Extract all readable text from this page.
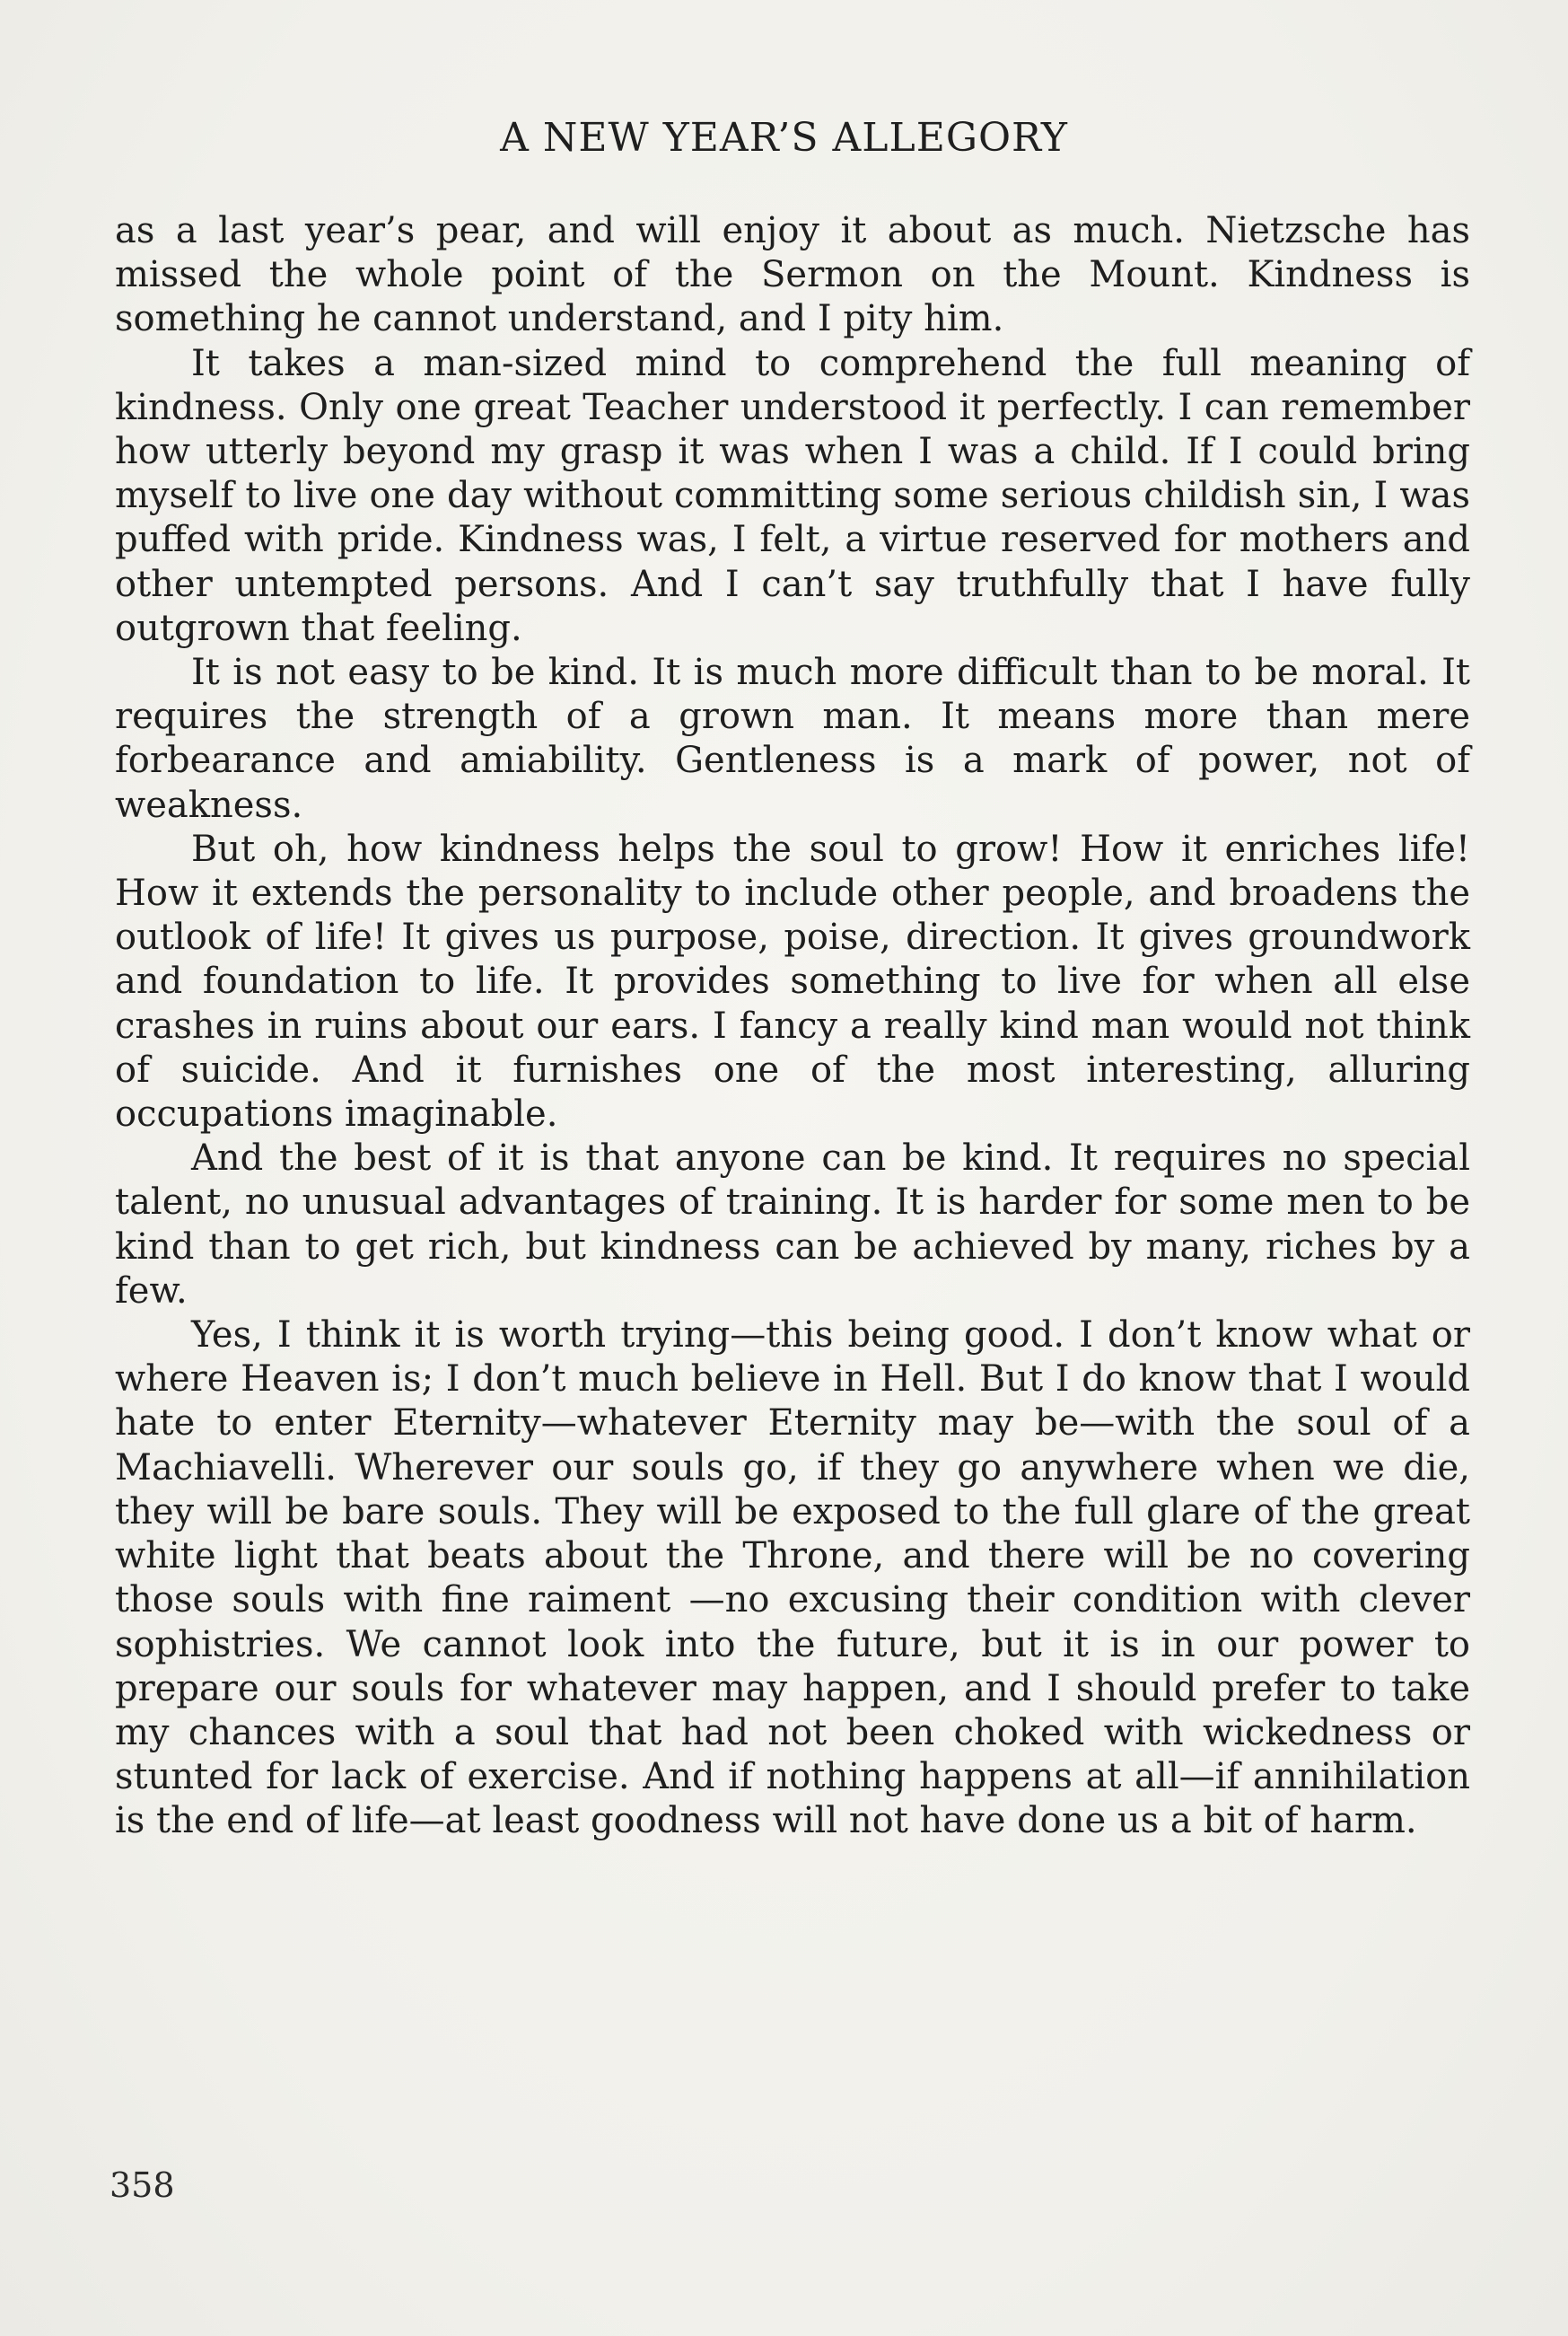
A NEW YEAR’S ALLEGORY

as a last year’s pear, and will enjoy it about as much. Nietzsche has missed the whole point of the Sermon on the Mount. Kindness is something he cannot understand, and I pity him.

It takes a man-sized mind to comprehend the full meaning of kindness. Only one great Teacher understood it perfectly. I can remember how utterly beyond my grasp it was when I was a child. If I could bring myself to live one day without committing some serious childish sin, I was puffed with pride. Kindness was, I felt, a virtue reserved for mothers and other untempted persons. And I can’t say truthfully that I have fully outgrown that feeling.

It is not easy to be kind. It is much more difficult than to be moral. It requires the strength of a grown man. It means more than mere forbearance and amiability. Gentleness is a mark of power, not of weakness.

But oh, how kindness helps the soul to grow! How it enriches life! How it extends the personality to include other people, and broadens the outlook of life! It gives us purpose, poise, direction. It gives groundwork and foundation to life. It provides something to live for when all else crashes in ruins about our ears. I fancy a really kind man would not think of suicide. And it furnishes one of the most interesting, alluring occupations imaginable.

And the best of it is that anyone can be kind. It requires no special talent, no unusual advantages of training. It is harder for some men to be kind than to get rich, but kindness can be achieved by many, riches by a few.

Yes, I think it is worth trying—this being good. I don’t know what or where Heaven is; I don’t much believe in Hell. But I do know that I would hate to enter Eternity—whatever Eternity may be—with the soul of a Machiavelli. Wherever our souls go, if they go anywhere when we die, they will be bare souls. They will be exposed to the full glare of the great white light that beats about the Throne, and there will be no covering those souls with fine raiment —no excusing their condition with clever sophistries. We cannot look into the future, but it is in our power to prepare our souls for whatever may happen, and I should prefer to take my chances with a soul that had not been choked with wickedness or stunted for lack of exercise. And if nothing happens at all—if annihilation is the end of life—at least goodness will not have done us a bit of harm.

358
